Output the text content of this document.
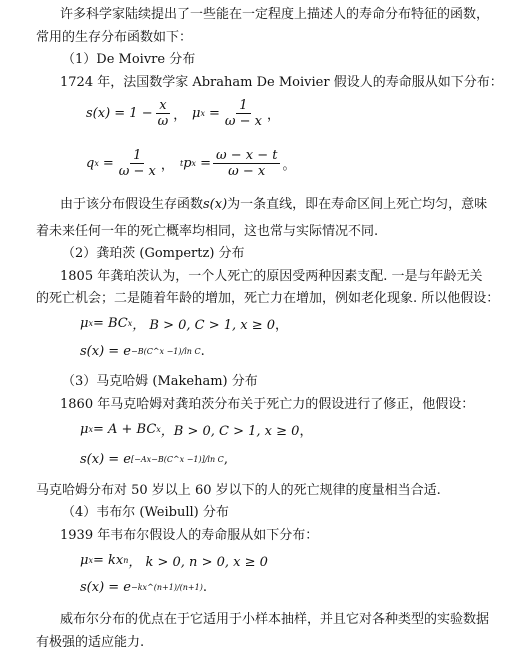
许多科学家陆续提出了一些能在一定程度上描述人的寿命分布特征的函数，
常用的生存分布函数如下：
（1）De Moivre 分布
1724 年，法国数学家 Abraham De Moivier 假设人的寿命服从如下分布：
$s(x) = 1 - \frac{x}{\omega}$ ， μ $x = \frac{1}{\omega - x}$ ，
q $x = \frac{1}{\omega - x}$ ， t p $x = \frac{\omega - x - t}{\omega - x}$ 。
由于该分布假设生存函数s(x)为一条直线，即在寿命区间上死亡均匀，意味
着未来任何一年的死亡概率均相同，这也常与实际情况不同.
（2）龚珀茨 (Gompertz) 分布
1805 年龚珀茨认为，一个人死亡的原因受两种因素支配. 一是与年龄无关
的死亡机会；二是随着年龄的增加，死亡力在增加，例如老化现象. 所以他假设：
μ x = BC x ， B > 0, C > 1, x ≥ 0 ，
s(x) = e −B(C^x −1)/ln C .
（3）马克哈姆 (Makeham) 分布
1860 年马克哈姆对龚珀茨分布关于死亡力的假设进行了修正，他假设：
μ x = A + BC x ，B > 0, C > 1, x ≥ 0 ，
s(x) = e [−Ax−B(C^x −1)]/ln C ,
马克哈姆分布对 50 岁以上 60 岁以下的人的死亡规律的度量相当合适.
（4）韦布尔 (Weibull) 分布
1939 年韦布尔假设人的寿命服从如下分布：
μ x = kx n ， k > 0, n > 0, x ≥ 0
s(x) = e −kx^(n+1)/(n+1) .
威布尔分布的优点在于它适用于小样本抽样，并且它对各种类型的实验数据
有极强的适应能力.
